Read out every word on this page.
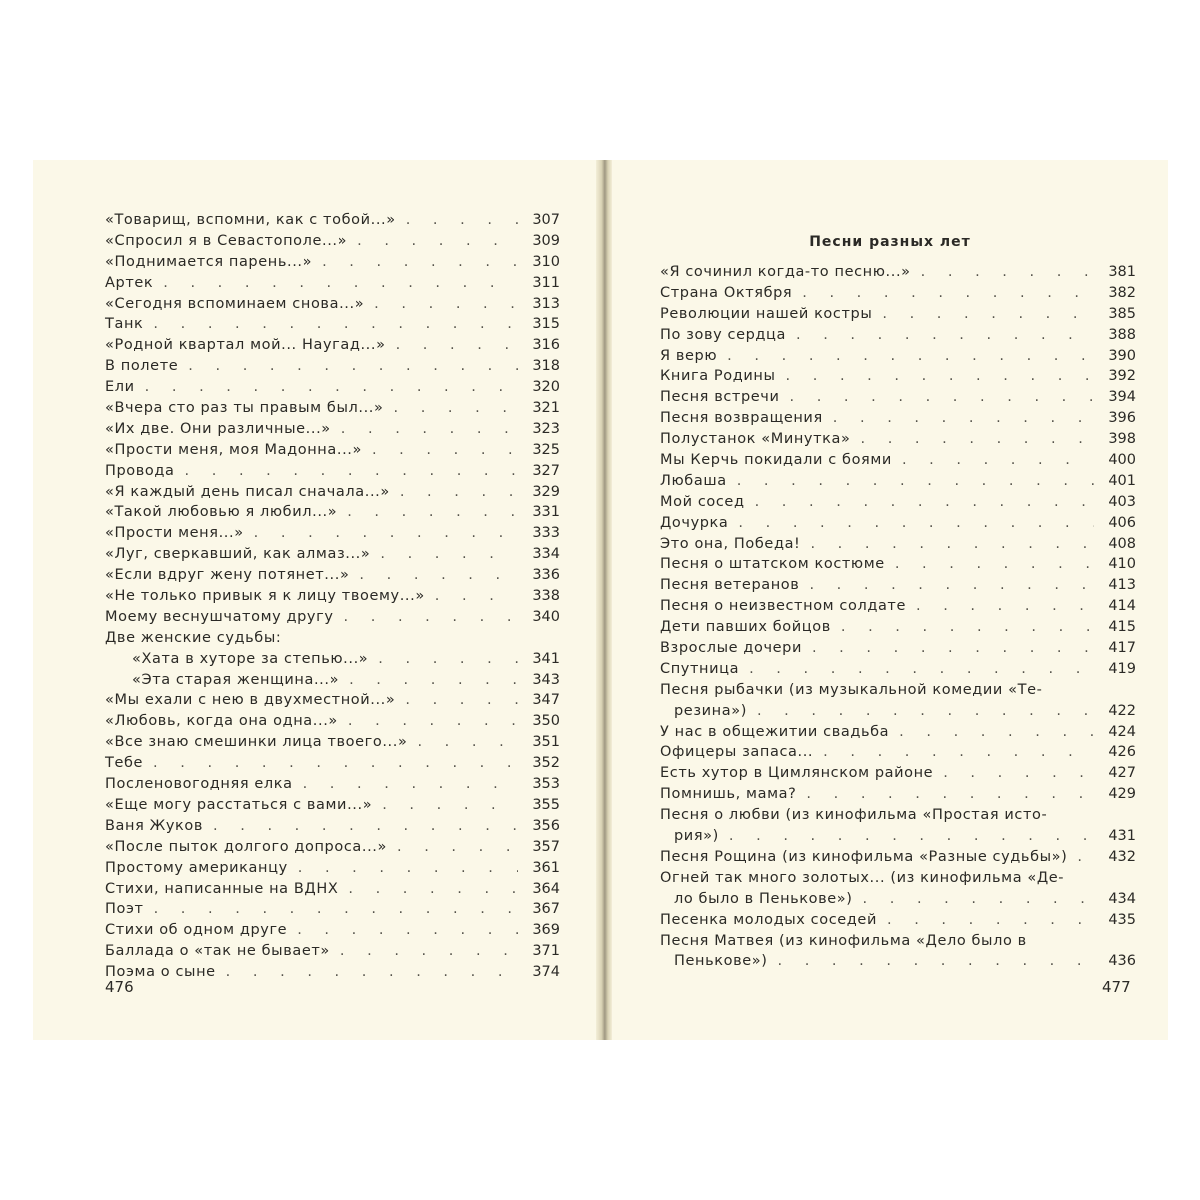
«Товарищ, вспомни, как с тобой...» . . .	307
«Спросил я в Севастополе...» . . .	309
«Поднимается парень...» . . .	310
Артек . . .	311
«Сегодня вспоминаем снова...» . . .	313
Танк . . .	315
«Родной квартал мой... Наугад...» . . .	316
В полете . . .	318
Ели . . .	320
«Вчера сто раз ты правым был...» . . .	321
«Их две. Они различные...» . . .	323
«Прости меня, моя Мадонна...» . . .	325
Провода . . .	327
«Я каждый день писал сначала...» . . .	329
«Такой любовью я любил...» . . .	331
«Прости меня...» . . .	333
«Луг, сверкавший, как алмаз...» . . .	334
«Если вдруг жену потянет...» . . .	336
«Не только привык я к лицу твоему...» . . .	338
Моему веснушчатому другу . . .	340
Две женские судьбы:
«Хата в хуторе за степью...» . . .	341
«Эта старая женщина...» . . .	343
«Мы ехали с нею в двухместной...» . . .	347
«Любовь, когда она одна...» . . .	350
«Все знаю смешинки лица твоего...» . . .	351
Тебе . . .	352
Посленовогодняя елка . . .	353
«Еще могу расстаться с вами...» . . .	355
Ваня Жуков . . .	356
«После пыток долгого допроса...» . . .	357
Простому американцу . . .	361
Стихи, написанные на ВДНХ . . .	364
Поэт . . .	367
Стихи об одном друге . . .	369
Баллада о «так не бывает» . . .	371
Поэма о сыне . . .	374
476
Песни разных лет
«Я сочинил когда-то песню...» . . .	381
Страна Октября . . .	382
Революции нашей костры . . .	385
По зову сердца . . .	388
Я верю . . .	390
Книга Родины . . .	392
Песня встречи . . .	394
Песня возвращения . . .	396
Полустанок «Минутка» . . .	398
Мы Керчь покидали с боями . . .	400
Любаша . . .	401
Мой сосед . . .	403
Дочурка . . .	406
Это она, Победа! . . .	408
Песня о штатском костюме . . .	410
Песня ветеранов . . .	413
Песня о неизвестном солдате . . .	414
Дети павших бойцов . . .	415
Взрослые дочери . . .	417
Спутница . . .	419
Песня рыбачки (из музыкальной комедии «Те-
резина») . . .	422
У нас в общежитии свадьба . . .	424
Офицеры запаса... . . .	426
Есть хутор в Цимлянском районе . . .	427
Помнишь, мама? . . .	429
Песня о любви (из кинофильма «Простая исто-
рия») . . .	431
Песня Рощина (из кинофильма «Разные судьбы») . . .	432
Огней так много золотых... (из кинофильма «Де-
ло было в Пенькове») . . .	434
Песенка молодых соседей . . .	435
Песня Матвея (из кинофильма «Дело было в
Пенькове») . . .	436
477
